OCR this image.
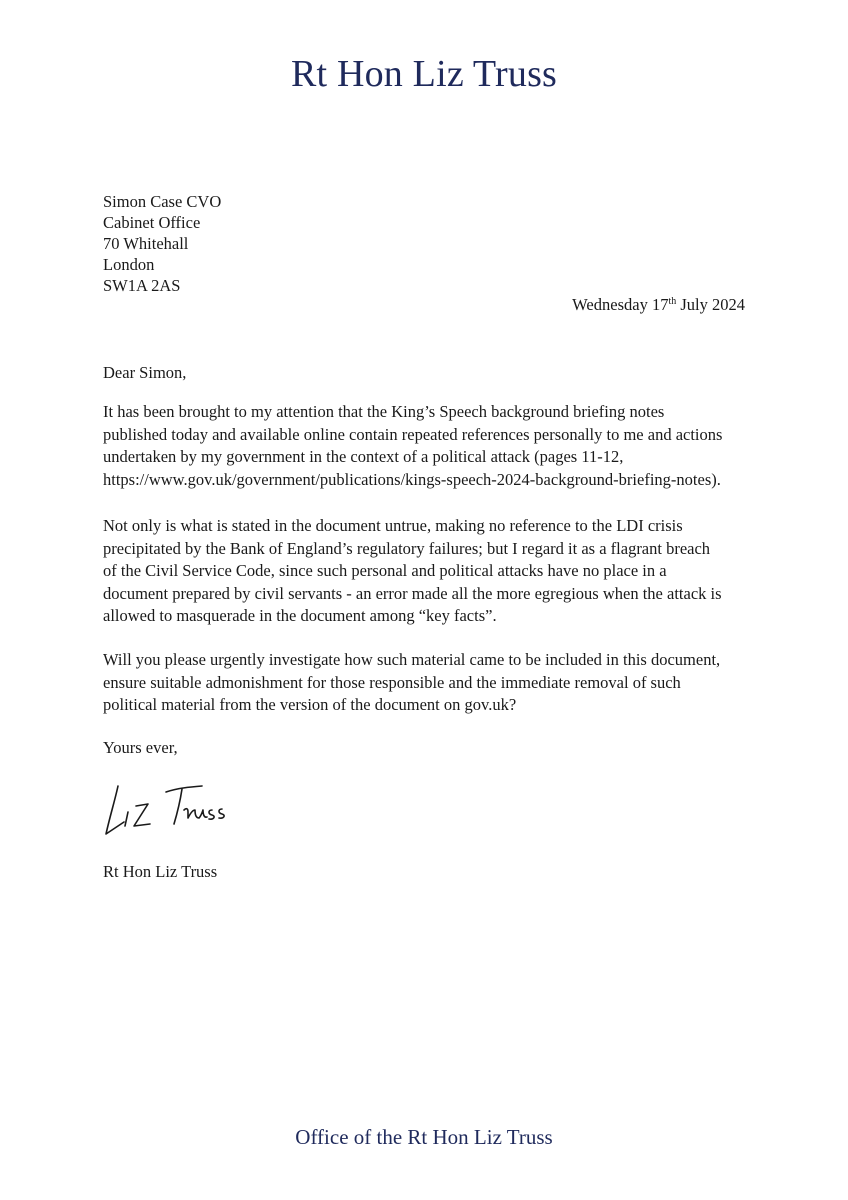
Rt Hon Liz Truss
Simon Case CVO
Cabinet Office
70 Whitehall
London
SW1A 2AS
Wednesday 17th July 2024
Dear Simon,
It has been brought to my attention that the King’s Speech background briefing notes
published today and available online contain repeated references personally to me and actions
undertaken by my government in the context of a political attack (pages 11-12,
https://www.gov.uk/government/publications/kings-speech-2024-background-briefing-notes).
Not only is what is stated in the document untrue, making no reference to the LDI crisis
precipitated by the Bank of England’s regulatory failures; but I regard it as a flagrant breach
of the Civil Service Code, since such personal and political attacks have no place in a
document prepared by civil servants - an error made all the more egregious when the attack is
allowed to masquerade in the document among “key facts”.
Will you please urgently investigate how such material came to be included in this document,
ensure suitable admonishment for those responsible and the immediate removal of such
political material from the version of the document on gov.uk?
Yours ever,
Rt Hon Liz Truss
Office of the Rt Hon Liz Truss
